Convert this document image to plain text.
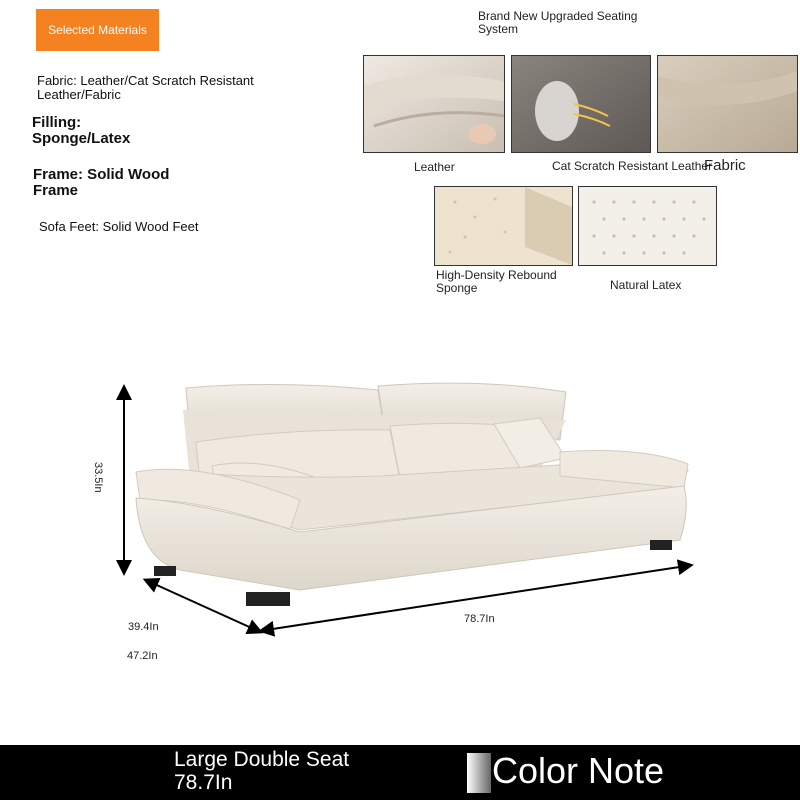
Selected Materials
Fabric: Leather/Cat Scratch Resistant Leather/Fabric
Filling: Sponge/Latex
Frame: Solid Wood Frame
Sofa Feet: Solid Wood Feet
Brand New Upgraded Seating System
Leather	Cat Scratch Resistant Leather
Fabric
High-Density Rebound Sponge	Natural Latex
33.5In
78.7In
39.4In
47.2In
Large Double Seat 78.7In	Color Note
